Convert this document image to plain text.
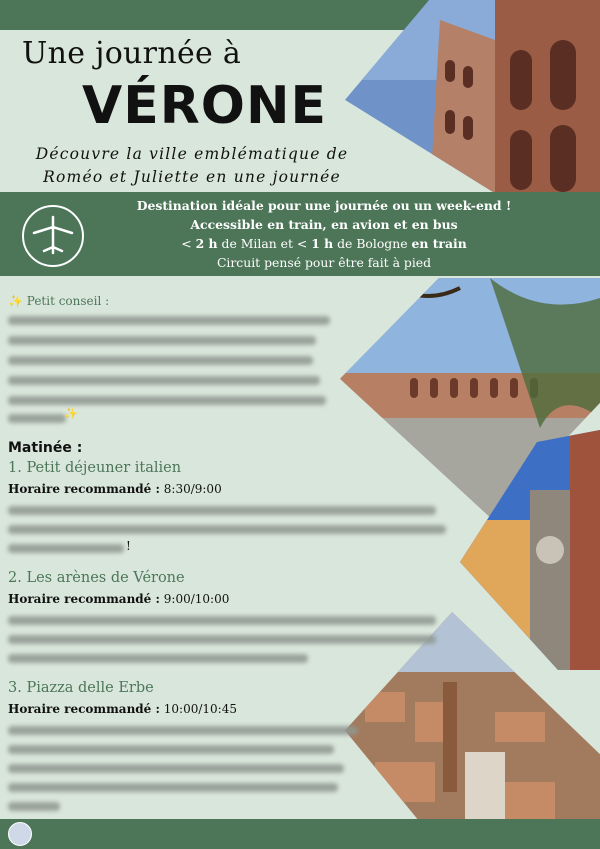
Une journée à
VÉRONE
Découvre la ville emblématique de Roméo et Juliette en une journée
Destination idéale pour une journée ou un week-end !
Accessible en train, en avion et en bus
< 2 h de Milan et < 1 h de Bologne en train
Circuit pensé pour être fait à pied
✨ Petit conseil :
✨
Matinée :
1. Petit déjeuner italien
Horaire recommandé : 8:30/9:00
!
2. Les arènes de Vérone
Horaire recommandé : 9:00/10:00
3. Piazza delle Erbe
Horaire recommandé : 10:00/10:45
